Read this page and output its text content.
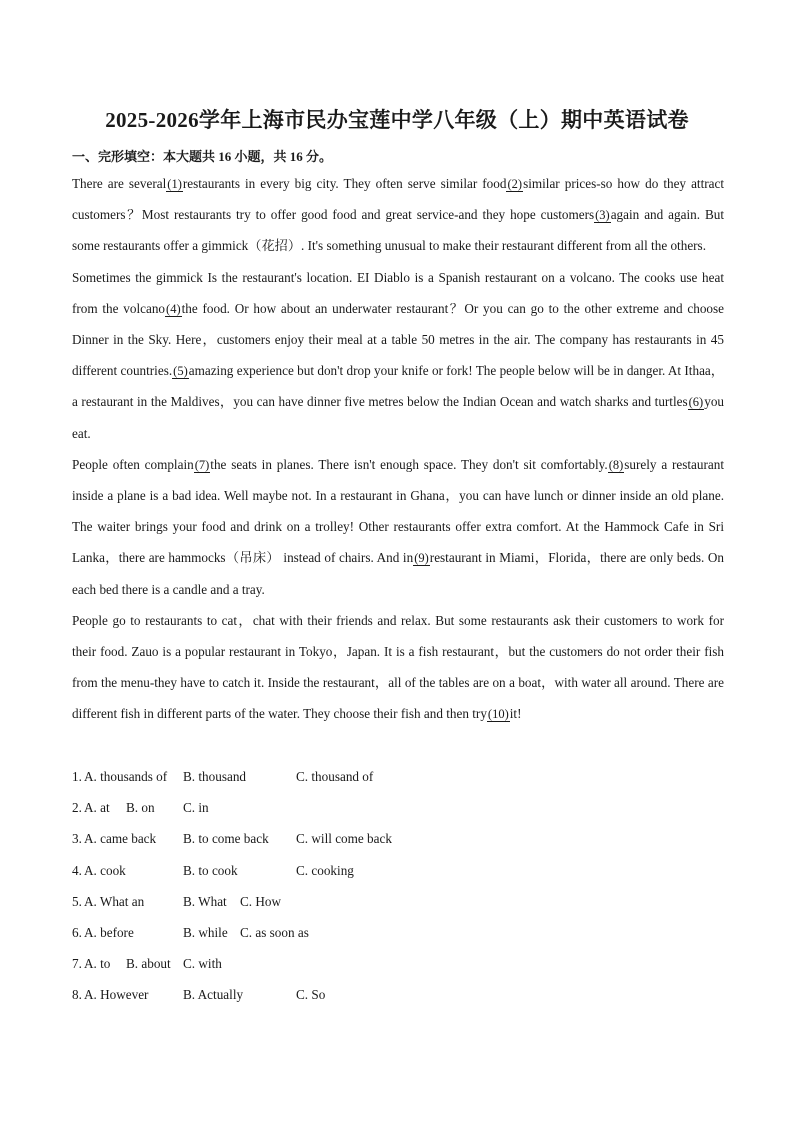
2025-2026学年上海市民办宝莲中学八年级（上）期中英语试卷
一、完形填空：本大题共 16 小题，共 16 分。

There are several ( 1 ) restaurants in every big city. They often serve similar food ( 2 ) similar prices-so how do they attract customers？Most restaurants try to offer good food and great service-and they hope customers ( 3 ) again and again. But some restaurants offer a gimmick（花招）. It's something unusual to make their restaurant different from all the others.

Sometimes the gimmick Is the restaurant's location. EI Diablo is a Spanish restaurant on a volcano. The cooks use heat from the volcano ( 4 ) the food. Or how about an underwater restaurant？Or you can go to the other extreme and choose Dinner in the Sky. Here，customers enjoy their meal at a table 50 metres in the air. The company has restaurants in 45 different countries. ( 5 ) amazing experience but don't drop your knife or fork! The people below will be in danger. At Ithaa，a restaurant in the Maldives，you can have dinner five metres below the Indian Ocean and watch sharks and turtles ( 6 ) you eat.

People often complain ( 7 ) the seats in planes. There isn't enough space. They don't sit comfortably. ( 8 ) surely a restaurant inside a plane is a bad idea. Well maybe not. In a restaurant in Ghana，you can have lunch or dinner inside an old plane. The waiter brings your food and drink on a trolley! Other restaurants offer extra comfort. At the Hammock Cafe in Sri Lanka，there are hammocks（吊床） instead of chairs. And in ( 9 ) restaurant in Miami，Florida，there are only beds. On each bed there is a candle and a tray.

People go to restaurants to cat，chat with their friends and relax. But some restaurants ask their customers to work for their food. Zauo is a popular restaurant in Tokyo，Japan. It is a fish restaurant，but the customers do not order their fish from the menu-they have to catch it. Inside the restaurant，all of the tables are on a boat，with water all around. There are different fish in different parts of the water. They choose their fish and then try ( 10 ) it!

1. A. thousands of B. thousand	C. thousand of
2. A. at B. on C. in
3. A. came back B. to come back C. will come back
4. A. cook	B. to cook	C. cooking
5. A. What an	B. What C. How
6. A. before	B. while C. as soon as
7. A. to B. about C. with
8. A. However	B. Actually	C. So
